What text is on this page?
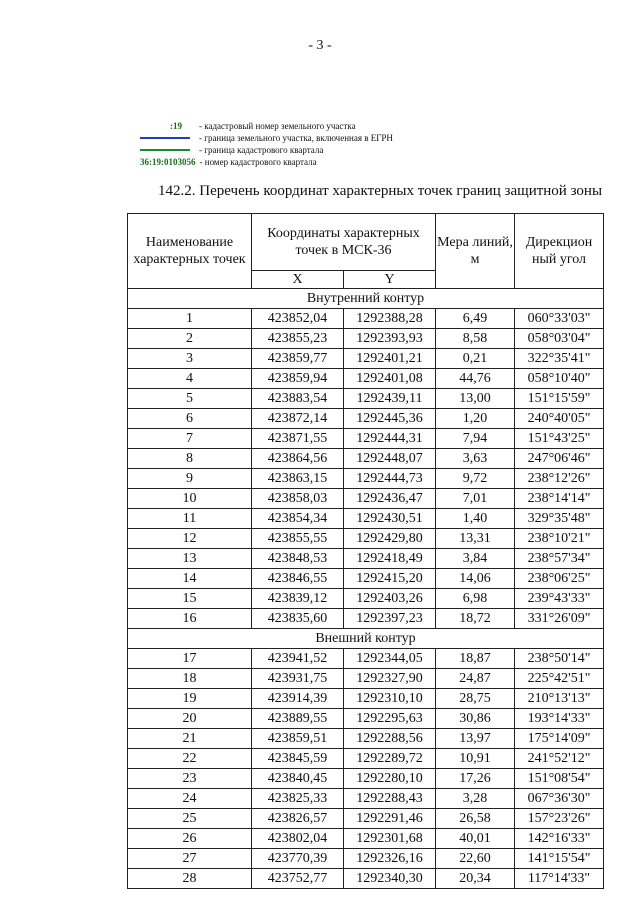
- 3 -
:19	- кадастровый номер земельного участка
- граница земельного участка, включенная в ЕГРН
- граница кадастрового квартала
36:19:0103056 - номер кадастрового квартала
142.2. Перечень координат характерных точек границ защитной зоны
Наименование характерных точек	Координаты характерных точек в МСК-36		Мера линий, м	Дирекцион ный угол
	X	Y		
Внутренний контур				
1	423852,04	1292388,28	6,49	060°33'03"
2	423855,23	1292393,93	8,58	058°03'04"
3	423859,77	1292401,21	0,21	322°35'41"
4	423859,94	1292401,08	44,76	058°10'40"
5	423883,54	1292439,11	13,00	151°15'59"
6	423872,14	1292445,36	1,20	240°40'05"
7	423871,55	1292444,31	7,94	151°43'25"
8	423864,56	1292448,07	3,63	247°06'46"
9	423863,15	1292444,73	9,72	238°12'26"
10	423858,03	1292436,47	7,01	238°14'14"
11	423854,34	1292430,51	1,40	329°35'48"
12	423855,55	1292429,80	13,31	238°10'21"
13	423848,53	1292418,49	3,84	238°57'34"
14	423846,55	1292415,20	14,06	238°06'25"
15	423839,12	1292403,26	6,98	239°43'33"
16	423835,60	1292397,23	18,72	331°26'09"
Внешний контур				
17	423941,52	1292344,05	18,87	238°50'14"
18	423931,75	1292327,90	24,87	225°42'51"
19	423914,39	1292310,10	28,75	210°13'13"
20	423889,55	1292295,63	30,86	193°14'33"
21	423859,51	1292288,56	13,97	175°14'09"
22	423845,59	1292289,72	10,91	241°52'12"
23	423840,45	1292280,10	17,26	151°08'54"
24	423825,33	1292288,43	3,28	067°36'30"
25	423826,57	1292291,46	26,58	157°23'26"
26	423802,04	1292301,68	40,01	142°16'33"
27	423770,39	1292326,16	22,60	141°15'54"
28	423752,77	1292340,30	20,34	117°14'33"
